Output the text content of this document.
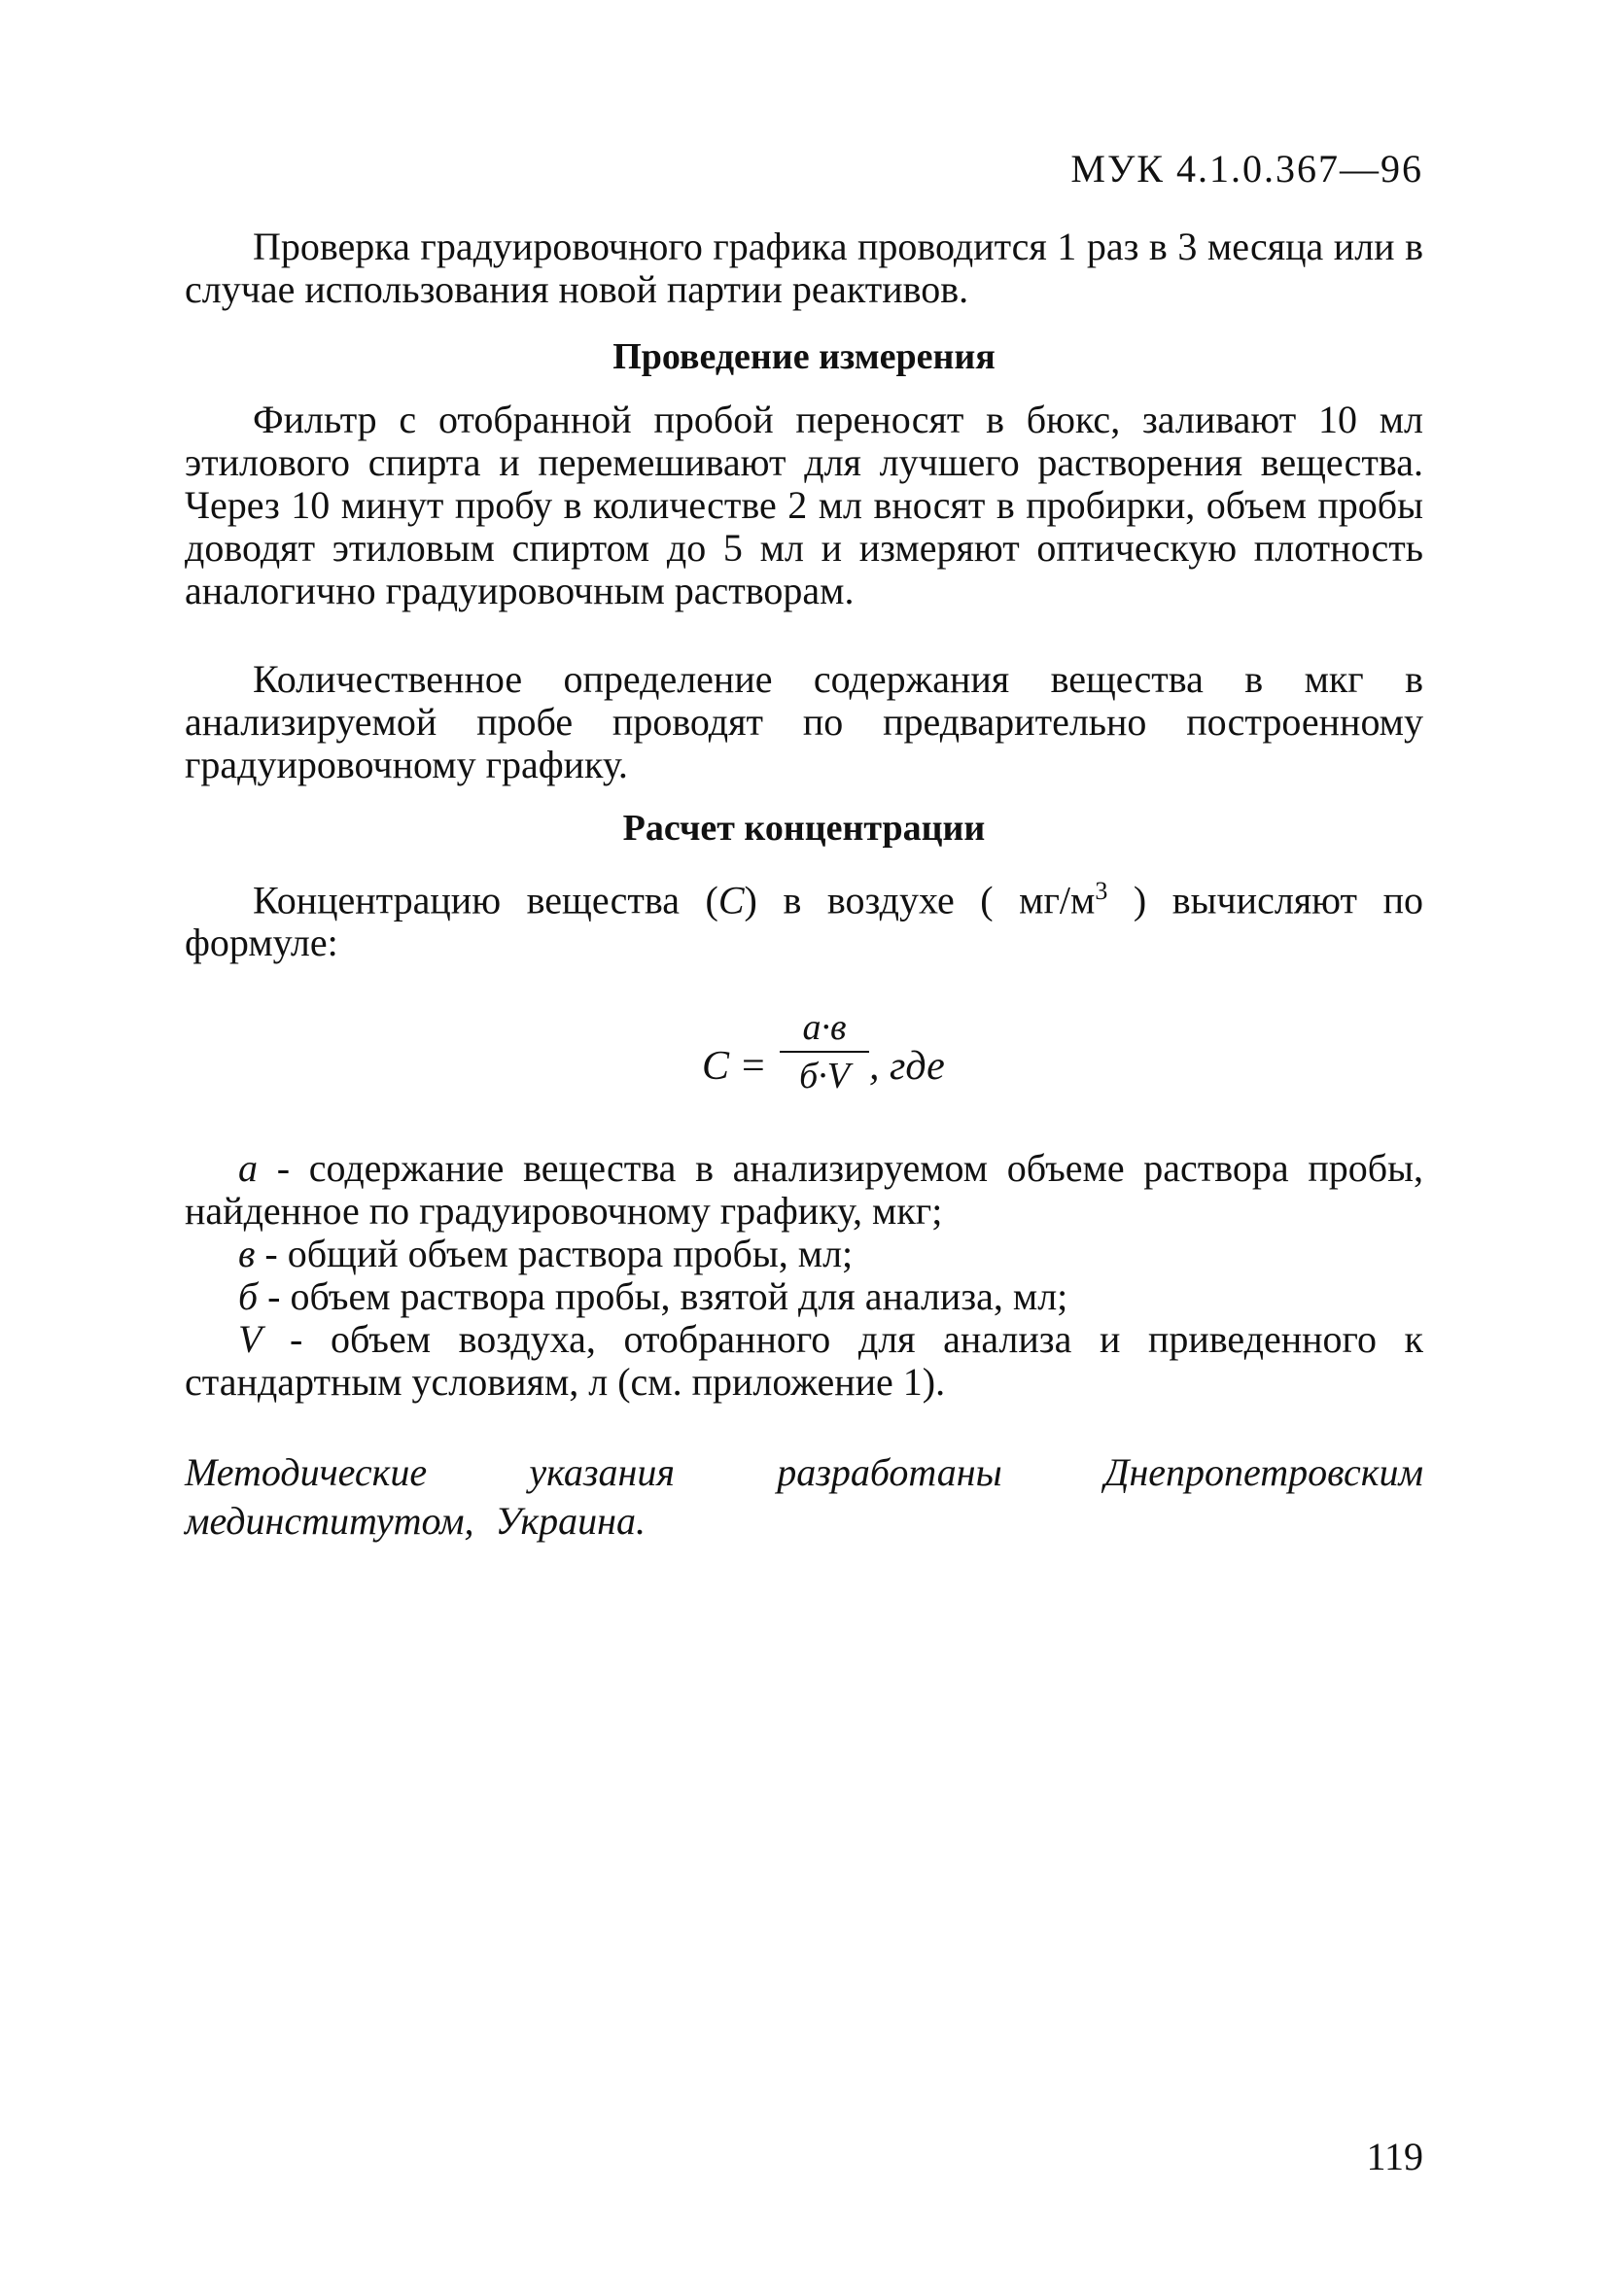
МУК 4.1.0.367—96

Проверка градуировочного графика проводится 1 раз в 3 месяца или в случае использования новой партии реактивов.

Проведение измерения

Фильтр с отобранной пробой переносят в бюкс, заливают 10 мл этилового спирта и перемешивают для лучшего растворения вещества. Через 10 минут пробу в количестве 2 мл вносят в пробирки, объем пробы доводят этиловым спиртом до 5 мл и измеряют оптическую плотность аналогично градуировочным растворам.

Количественное определение содержания вещества в мкг в анализируемой пробе проводят по предварительно построенному градуировочному графику.

Расчет концентрации

Концентрацию вещества (С) в воздухе ( $мг/м^3$ ) вычисляют по формуле:

С =
а·в
б·V , где

а - содержание вещества в анализируемом объеме раствора пробы, найденное по градуировочному графику, мкг;

в - общий объем раствора пробы, мл;

б - объем раствора пробы, взятой для анализа, мл;

V - объем воздуха, отобранного для анализа и приведенного к стандартным условиям, л (см. приложение 1).

Методические указания разработаны Днепропетровским мединститутом, Украина.

119
